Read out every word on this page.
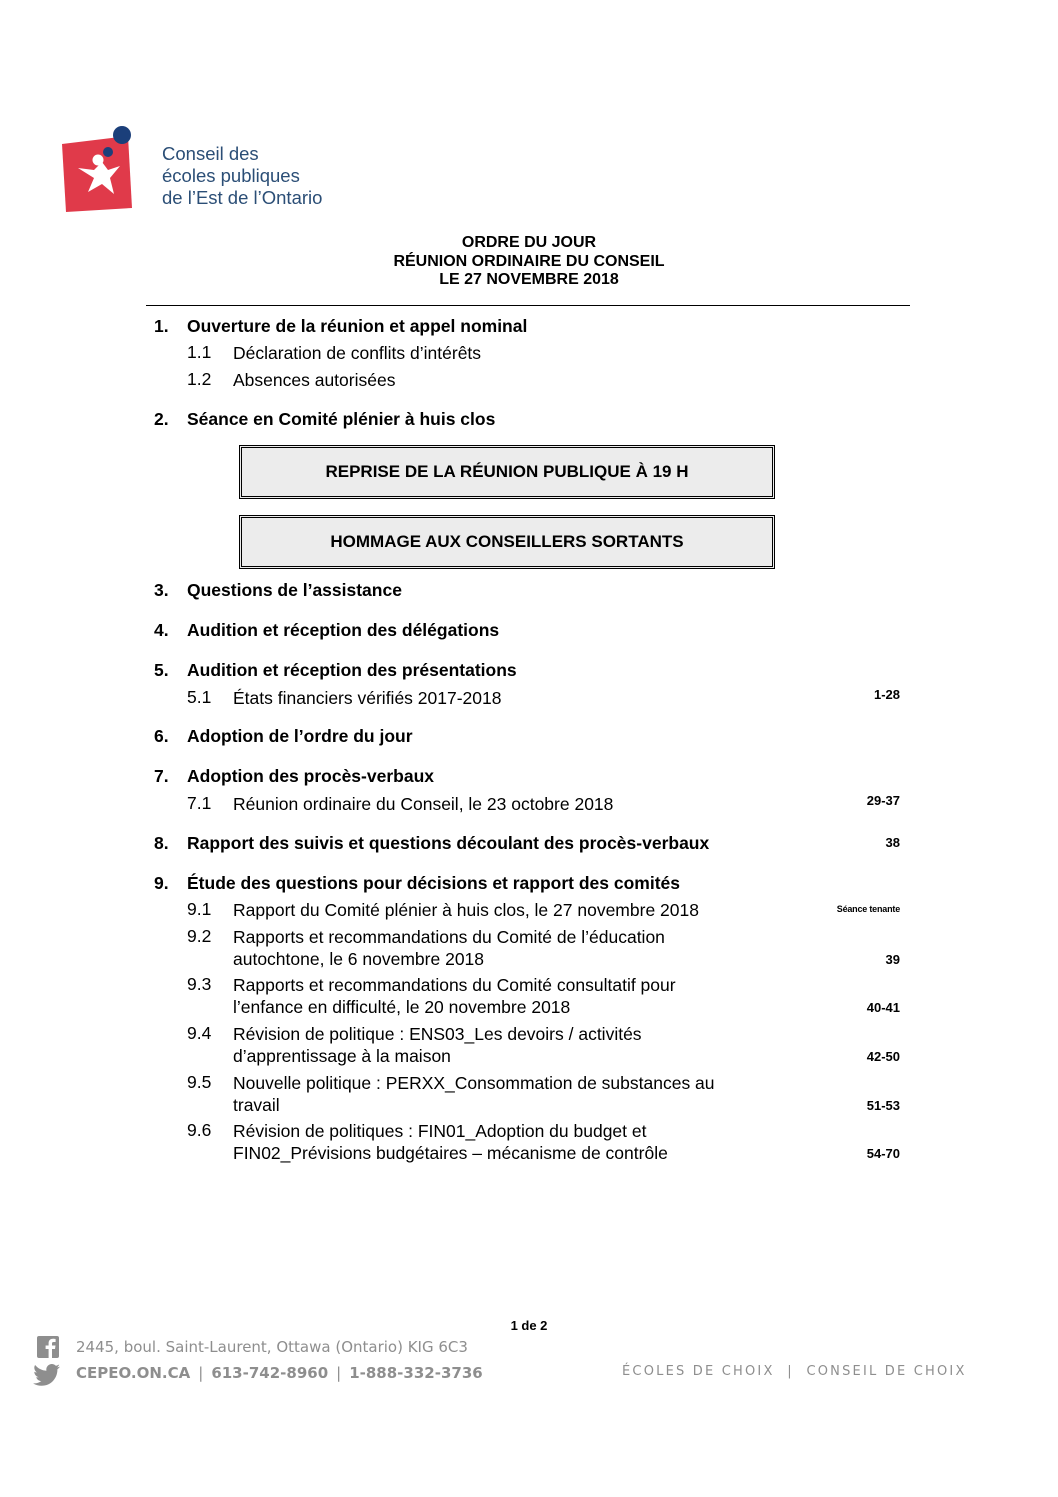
Conseil des
écoles publiques
de l’Est de l’Ontario
ORDRE DU JOUR
RÉUNION ORDINAIRE DU CONSEIL
LE 27 NOVEMBRE 2018
1. Ouverture de la réunion et appel nominal
1.1 Déclaration de conflits d’intérêts
1.2 Absences autorisées
2. Séance en Comité plénier à huis clos
REPRISE DE LA RÉUNION PUBLIQUE À 19 H
HOMMAGE AUX CONSEILLERS SORTANTS
3. Questions de l’assistance
4. Audition et réception des délégations
5. Audition et réception des présentations
5.1 États financiers vérifiés 2017-2018	1-28
6. Adoption de l’ordre du jour
7. Adoption des procès-verbaux
7.1 Réunion ordinaire du Conseil, le 23 octobre 2018	29-37
8. Rapport des suivis et questions découlant des procès-verbaux	38
9. Étude des questions pour décisions et rapport des comités
9.1 Rapport du Comité plénier à huis clos, le 27 novembre 2018	Séance tenante
9.2 Rapports et recommandations du Comité de l’éducation
autochtone, le 6 novembre 2018	39
9.3 Rapports et recommandations du Comité consultatif pour
l’enfance en difficulté, le 20 novembre 2018	40-41
9.4 Révision de politique : ENS03_Les devoirs / activités
d’apprentissage à la maison	42-50
9.5 Nouvelle politique : PERXX_Consommation de substances au
travail	51-53
9.6 Révision de politiques : FIN01_Adoption du budget et
FIN02_Prévisions budgétaires – mécanisme de contrôle	54-70
1 de 2
2445, boul. Saint-Laurent, Ottawa (Ontario) KIG 6C3
CEPEO.ON.CA | 613-742-8960 | 1-888-332-3736	ÉCOLES DE CHOIX  |  CONSEIL DE CHOIX
